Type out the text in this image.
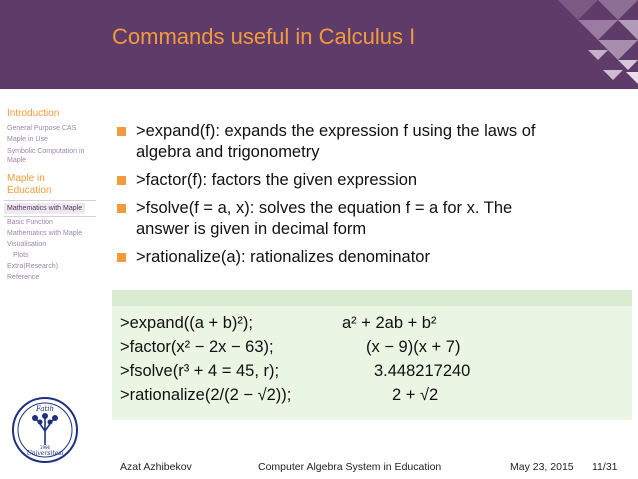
Commands useful in Calculus I
Introduction
General Purpose CAS
Maple in Use
Symbolic Computation in
Maple
Maple in
Education
Mathematics with Maple
Basic Function
Mathematics with Maple
Visualisation
Plots
Extra(Research)
Reference
Fatih
Universitesi
1996
>expand(f): expands the expression f using the laws of
algebra and trigonometry
>factor(f): factors the given expression
>fsolve(f = a, x): solves the equation f = a for x. The
answer is given in decimal form
>rationalize(a): rationalizes denominator
>expand((a + b)²);	a² + 2ab + b²
>factor(x² − 2x − 63);	(x − 9)(x + 7)
>fsolve(r³ + 4 = 45, r);	3.448217240
>rationalize(2/(2 − √2));	2 + √2
Azat Azhibekov	Computer Algebra System in Education	May 23, 2015 11/31
